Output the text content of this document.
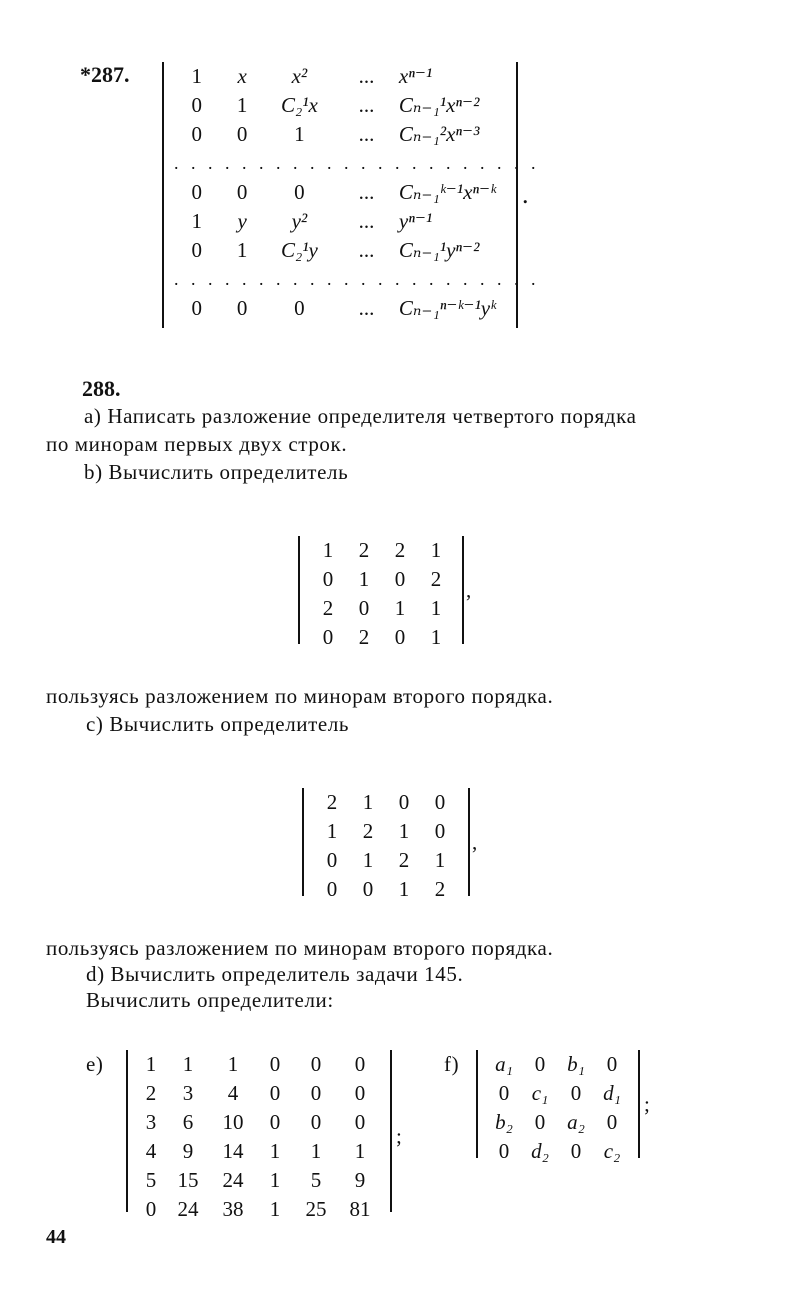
*287.	1	x	x²	...	xⁿ⁻¹
0	1	C₂¹x	...	Cₙ₋₁¹xⁿ⁻²
0	0	1	...	Cₙ₋₁²xⁿ⁻³
. . . . . . . . . . . . . . . . . . . . . .				
0	0	0	...	Cₙ₋₁ᵏ⁻¹xⁿ⁻ᵏ
1	y	y²	...	yⁿ⁻¹
0	1	C₂¹y	...	Cₙ₋₁¹yⁿ⁻²
. . . . . . . . . . . . . . . . . . . . . .				
0	0	0	...	Cₙ₋₁ⁿ⁻ᵏ⁻¹yᵏ
.
288.
a) Написать разложение определителя четвертого порядка
по минорам первых двух строк.
b) Вычислить определитель
1	2	2	1
0	1	0	2
2	0	1	1
0	2	0	1
,
пользуясь разложением по минорам второго порядка.
c) Вычислить определитель
2	1	0	0
1	2	1	0
0	1	2	1
0	0	1	2
,
пользуясь разложением по минорам второго порядка.
d) Вычислить определитель задачи 145.
Вычислить определители:
e) 1	1	1	0	0	0
2	3	4	0	0	0
3	6	10	0	0	0
4	9	14	1	1	1
5	15	24	1	5	9
0	24	38	1	25	81
;
f) a₁	0	b₁	0
0	c₁	0	d₁
b₂	0	a₂	0
0	d₂	0	c₂
;
44
